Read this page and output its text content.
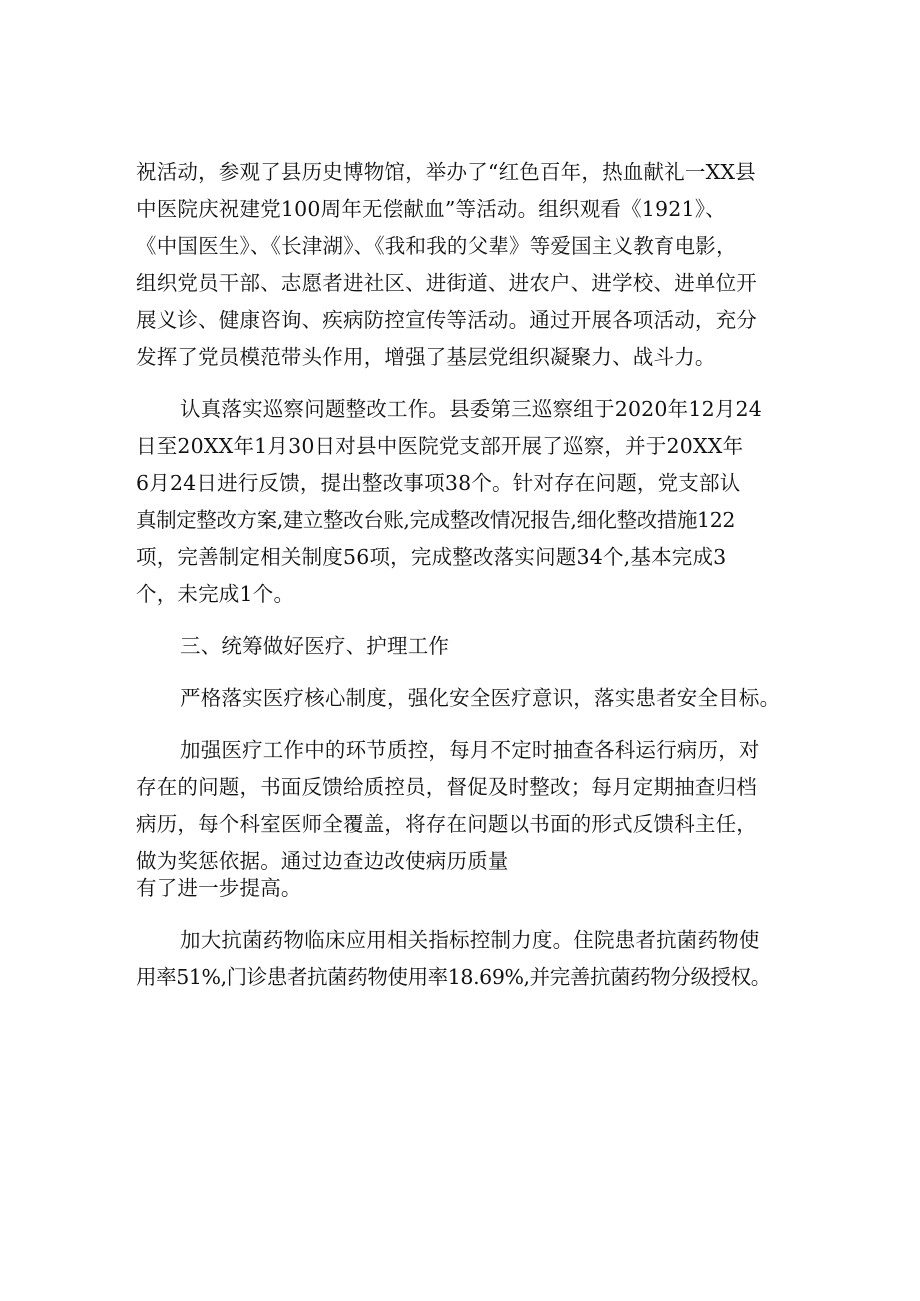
祝活动，参观了县历史博物馆，举办了“红色百年，热血献礼一XX县
中医院庆祝建党100周年无偿献血”等活动。组织观看《1921》、
《中国医生》、《长津湖》、《我和我的父辈》等爱国主义教育电影，
组织党员干部、志愿者进社区、进街道、进农户、进学校、进单位开
展义诊、健康咨询、疾病防控宣传等活动。通过开展各项活动，充分
发挥了党员模范带头作用，增强了基层党组织凝聚力、战斗力。
认真落实巡察问题整改工作。县委第三巡察组于2020年12月24
日至20XX年1月30日对县中医院党支部开展了巡察，并于20XX年
6月24日进行反馈，提出整改事项38个。针对存在问题，党支部认
真制定整改方案,建立整改台账,完成整改情况报告,细化整改措施122
项，完善制定相关制度56项，完成整改落实问题34个,基本完成3
个，未完成1个。
三、统筹做好医疗、护理工作
严格落实医疗核心制度，强化安全医疗意识，落实患者安全目标。
加强医疗工作中的环节质控，每月不定时抽查各科运行病历，对
存在的问题，书面反馈给质控员，督促及时整改；每月定期抽查归档
病历，每个科室医师全覆盖，将存在问题以书面的形式反馈科主任，
做为奖惩依据。通过边查边改使病历质量
有了进一步提高。
加大抗菌药物临床应用相关指标控制力度。住院患者抗菌药物使
用率51%,门诊患者抗菌药物使用率18.69%,并完善抗菌药物分级授权。
